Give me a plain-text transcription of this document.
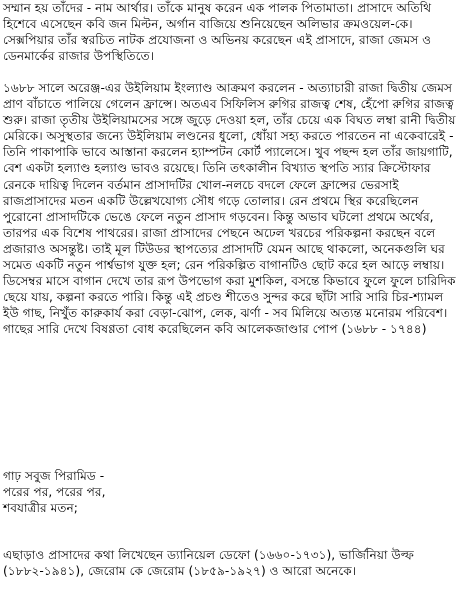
সম্মান হয় তাঁদের - নাম আর্থার। তাঁকে মানুষ করেন এক পালক পিতামাতা। প্রাসাদে অতিথি হিশেবে এসেছেন কবি জন মিল্টন, অর্গান বাজিয়ে শুনিয়েছেন অলিভার ক্রমওয়েল-কে। সেক্সপিয়ার তাঁর স্বরচিত নাটক প্রযোজনা ও অভিনয় করেছেন এই প্রাসাদে, রাজা জেমস ও ডেনমার্কের রাজার উপস্থিতিতে।

১৬৮৮ সালে অরেঞ্জ-এর উইলিয়াম ইংল্যাণ্ড আক্রমণ করলেন - অত্যাচারী রাজা দ্বিতীয় জেমস প্রাণ বাঁচাতে পালিয়ে গেলেন ফ্রান্সে। অতএব সিফিলিস রুগির রাজত্ব শেষ, হেঁপো রুগির রাজত্ব শুরু। রাজা তৃতীয় উইলিয়ামসের সঙ্গে জুড়ে দেওয়া হল, তাঁর চেয়ে এক বিঘত লম্বা রানী দ্বিতীয় মেরিকে। অসুস্থতার জন্যে উইলিয়াম লণ্ডনের ধুলো, ধোঁয়া সহ্য করতে পারতেন না একেবারেই - তিনি পাকাপাকি ভাবে আস্তানা করলেন হ্যাম্পটন কোর্ট প্যালেসে। খুব পছন্দ হল তাঁর জায়গাটি, বেশ একটা হল্যাণ্ড হল্যাণ্ড ভাবও রয়েছে। তিনি তৎকালীন বিখ্যাত স্থপতি স্যার ক্রিস্টোফার রেনকে দায়িত্ব দিলেন বর্তমান প্রাসাদটির খোল-নলচে বদলে ফেলে ফ্রান্সের ভেরসাই রাজপ্রাসাদের মতন একটি উল্লেখযোগ্য সৌধ গড়ে তোলার। রেন প্রথমে স্থির করেছিলেন পুরোনো প্রাসাদটিকে ভেঙে ফেলে নতুন প্রাসাদ গড়বেন। কিন্তু অভাব ঘটলো প্রথমে অর্থের, তারপর এক বিশেষ পাথরের। রাজা প্রাসাদের পেছনে অঢেল খরচের পরিকল্পনা করছেন বলে প্রজারাও অসন্তুষ্ট। তাই মূল টিউডর স্থাপত্যের প্রাসাদটি যেমন আছে থাকলো, অনেকগুলি ঘর সমেত একটি নতুন পার্শ্বভাগ যুক্ত হল; রেন পরিকল্পিত বাগানটিও ছোট করে হল আড়ে লম্বায়। ডিসেম্বর মাসে বাগান দেখে তার রূপ উপভোগ করা মুশকিল, বসন্তে কিভাবে ফুলে ফুলে চারিদিক ছেয়ে যায়, কল্পনা করতে পারি। কিন্তু এই প্রচণ্ড শীতেও সুন্দর করে ছাঁটা সারি সারি চির-শ্যামল ইউ গাছ, নিখুঁত কারুকার্য করা বেড়া-ঝোপ, লেক, ঝর্ণা - সব মিলিয়ে অত্যন্ত মনোরম পরিবেশ। গাছের সারি দেখে বিষণ্ণতা বোধ করেছিলেন কবি আলেকজাণ্ডার পোপ (১৬৮৮ - ১৭৪৪)

গাঢ় সবুজ পিরামিড -
পরের পর, পরের পর,
শবযাত্রীর মতন;

এছাড়াও প্রাসাদের কথা লিখেছেন ড্যানিয়েল ডেফো (১৬৬০-১৭৩১), ভার্জিনিয়া উল্ফ (১৮৮২-১৯৪১), জেরোম কে জেরোম (১৮৫৯-১৯২৭) ও আরো অনেকে।
